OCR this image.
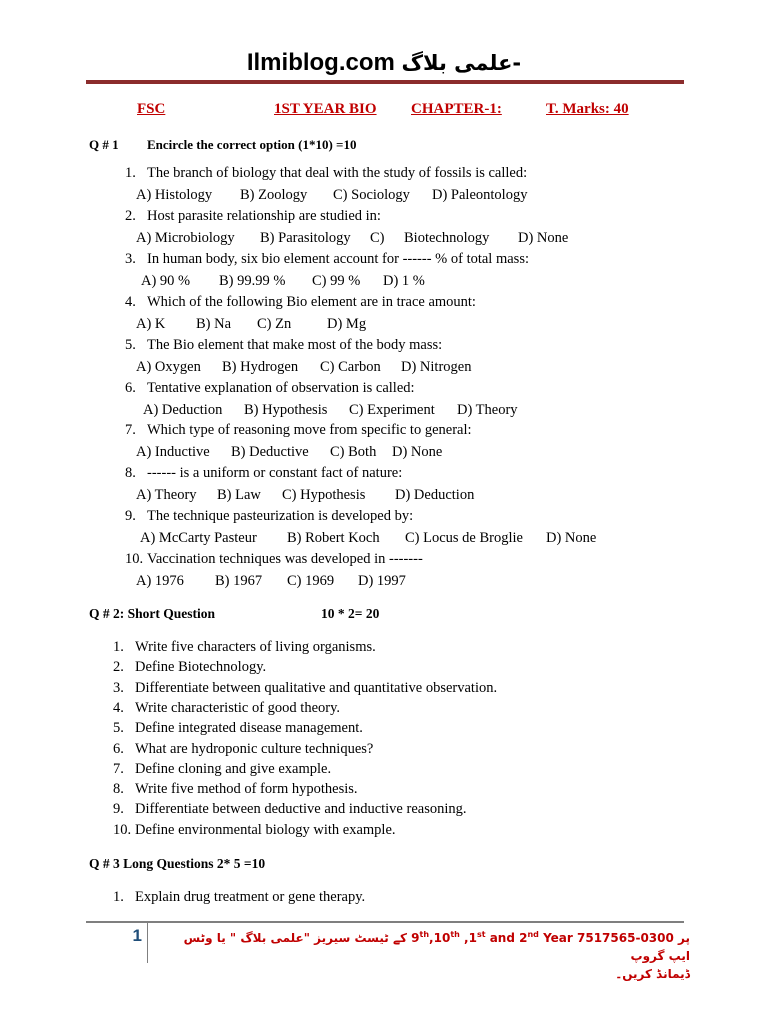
Ilmiblog.com علمی بلاگ-
FSC	1ST YEAR BIO CHAPTER-1:	T. Marks: 40
Q # 1 Encircle the correct option (1*10) =10
1. The branch of biology that deal with the study of fossils is called:
A) Histology B) Zoology C) Sociology D) Paleontology
2. Host parasite relationship are studied in:
A) Microbiology B) Parasitology C) Biotechnology D) None
3. In human body, six bio element account for ------ % of total mass:
A) 90 % B) 99.99 % C) 99 % D) 1 %
4. Which of the following Bio element are in trace amount:
A) K B) Na C) Zn D) Mg
5. The Bio element that make most of the body mass:
A) Oxygen B) Hydrogen C) Carbon D) Nitrogen
6. Tentative explanation of observation is called:
A) Deduction B) Hypothesis C) Experiment D) Theory
7. Which type of reasoning move from specific to general:
A) Inductive B) Deductive C) Both D) None
8. ------ is a uniform or constant fact of nature:
A) Theory B) Law C) Hypothesis D) Deduction
9. The technique pasteurization is developed by:
A) McCarty Pasteur B) Robert Koch C) Locus de Broglie D) None
10. Vaccination techniques was developed in -------
A) 1976 B) 1967 C) 1969 D) 1997
Q # 2: Short Question	10 * 2= 20
1. Write five characters of living organisms.
2. Define Biotechnology.
3. Differentiate between qualitative and quantitative observation.
4. Write characteristic of good theory.
5. Define integrated disease management.
6. What are hydroponic culture techniques?
7. Define cloning and give example.
8. Write five method of form hypothesis.
9. Differentiate between deductive and inductive reasoning.
10. Define environmental biology with example.
Q # 3 Long Questions 2* 5 =10
1. Explain drug treatment or gene therapy.
1	پر 0300-7517565 9th,10th ,1st and 2nd Year کے ٹیسٹ سیریز "علمی بلاگ " یا وٹس ایپ گروپ
ڈیمانڈ کریں۔
